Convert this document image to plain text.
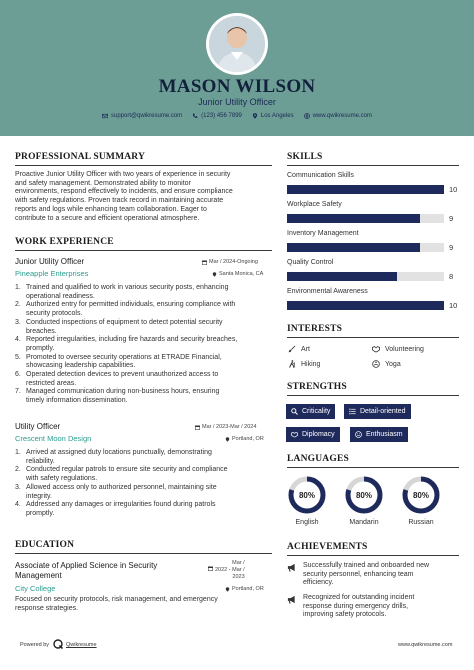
MASON WILSON
Junior Utility Officer
support@qwikresume.com	(123) 456 7899	Los Angeles	www.qwikresume.com
PROFESSIONAL SUMMARY
Proactive Junior Utility Officer with two years of experience in security
and safety management. Demonstrated ability to monitor
environments, respond effectively to incidents, and ensure compliance
with safety regulations. Proven track record in maintaining accurate
reports and logs while enhancing team collaboration. Eager to
contribute to a secure and efficient operational atmosphere.
WORK EXPERIENCE
Junior Utility Officer	Mar / 2024-Ongoing
Pineapple Enterprises	Santa Monica, CA
1. Trained and qualified to work in various security posts, enhancing
operational readiness.
2. Authorized entry for permitted individuals, ensuring compliance with
security protocols.
3. Conducted inspections of equipment to detect potential security
breaches.
4. Reported irregularities, including fire hazards and security breaches,
promptly.
5. Promoted to oversee security operations at ETRADE Financial,
showcasing leadership capabilities.
6. Operated detection devices to prevent unauthorized access to
restricted areas.
7. Managed communication during non-business hours, ensuring
timely information dissemination.
Utility Officer	Mar / 2023-Mar / 2024
Crescent Moon Design	Portland, OR
1. Arrived at assigned duty locations punctually, demonstrating
reliability.
2. Conducted regular patrols to ensure site security and compliance
with safety regulations.
3. Allowed access only to authorized personnel, maintaining site
integrity.
4. Addressed any damages or irregularities found during patrols
promptly.
EDUCATION
Associate of Applied Science in Security
Management
Mar /
2022 - Mar /
2023
City College	Portland, OR
Focused on security protocols, risk management, and emergency
response strategies.
SKILLS
Communication Skills
10
Workplace Safety
9
Inventory Management
9
Quality Control
8
Environmental Awareness
10
INTERESTS
Art	Volunteering
Hiking	Yoga
STRENGTHS
Criticality	Detail-oriented
Diplomacy	Enthusiasm
LANGUAGES
80%
English
80%
Mandarin
80%
Russian
ACHIEVEMENTS
Successfully trained and onboarded new
security personnel, enhancing team
efficiency.
Recognized for outstanding incident
response during emergency drills,
improving safety protocols.
Powered by	Qwikresume	www.qwikresume.com
